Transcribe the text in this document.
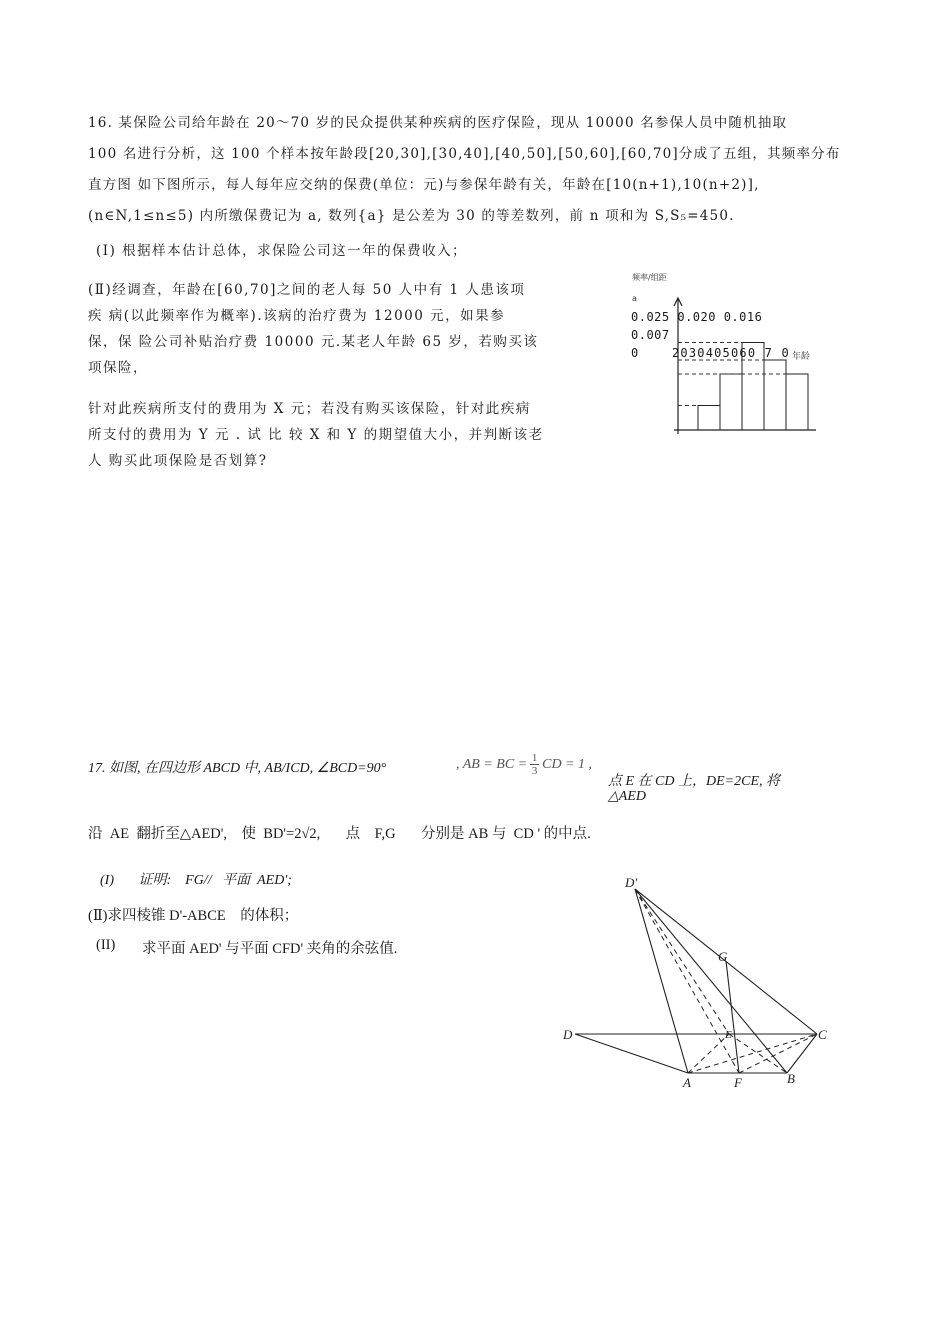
16. 某保险公司给年龄在 20～70 岁的民众提供某种疾病的医疗保险，现从 10000 名参保人员中随机抽取
100 名进行分析，这 100 个样本按年龄段[20,30],[30,40],[40,50],[50,60],[60,70]分成了五组，其频率分布
直方图 如下图所示，每人每年应交纳的保费(单位：元)与参保年龄有关，年龄在[10(n+1),10(n+2)],
(n∈N,1≤n≤5) 内所缴保费记为 a, 数列{a} 是公差为 30 的等差数列，前 n 项和为 S,S₅=450.
(I) 根据样本估计总体，求保险公司这一年的保费收入；
(Ⅱ)经调查，年龄在[60,70]之间的老人每 50 人中有 1 人患该项
疾 病(以此频率作为概率).该病的治疗费为 12000 元，如果参
保，保 险公司补贴治疗费 10000 元.某老人年龄 65 岁，若购买该
项保险，
针对此疾病所支付的费用为 X 元；若没有购买该保险，针对此疾病
所支付的费用为 Y 元 . 试 比 较 X 和 Y 的期望值大小，并判断该老
人 购买此项保险是否划算?
频率/组距
a
0.025 0.020 0.016
0.007
0	2030405060 7 0 年龄
17. 如图, 在四边形 ABCD 中, AB/ICD, ∠BCD=90°	, AB = BC = $\frac{1}{3}$ CD = 1 ,
点 E 在 CD 上，DE=2CE, 将
△AED
沿  AE  翻折至△AED',    使  BD'=2√2,       点    F,G       分别是 AB 与  CD ' 的中点.
(I)       证明:    FG//   平面  AED';
(Ⅱ)求四棱锥 D'-ABCE    的体积；
(II) 求平面 AED' 与平面 CFD' 夹角的余弦值.
D'
D
A	F	B
C
G
E
